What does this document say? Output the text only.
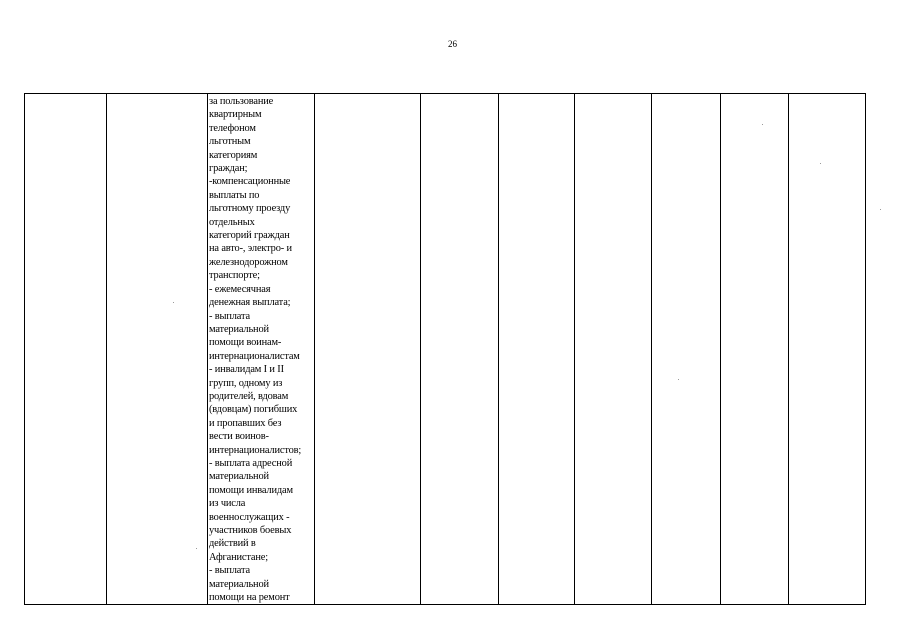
26

за пользование
квартирным
телефоном
льготным
категориям
граждан;
-компенсационные
выплаты по
льготному проезду
отдельных
категорий граждан
на авто-, электро- и
железнодорожном
транспорте;
- ежемесячная
денежная выплата;
- выплата
материальной
помощи воинам-
интернационалистам
- инвалидам I и II
групп, одному из
родителей, вдовам
(вдовцам) погибших
и пропавших без
вести воинов-
интернационалистов;
- выплата адресной
материальной
помощи инвалидам
из числа
военнослужащих -
участников боевых
действий в
Афганистане;
- выплата
материальной
помощи на ремонт
